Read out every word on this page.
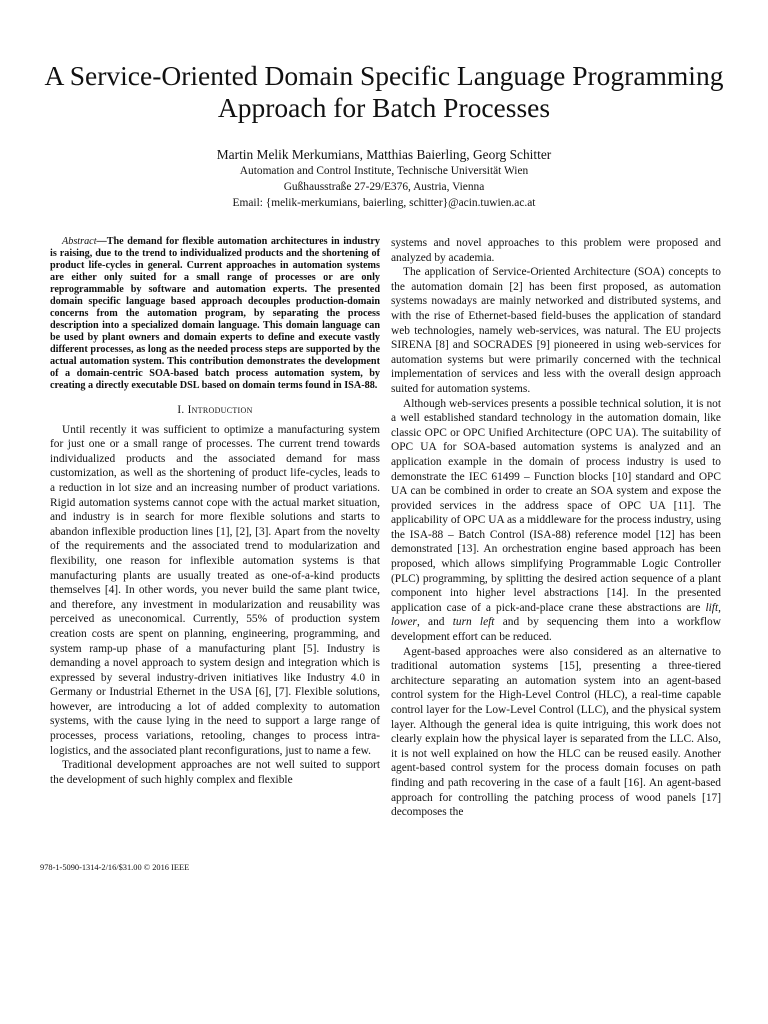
A Service-Oriented Domain Specific Language Programming Approach for Batch Processes
Martin Melik Merkumians, Matthias Baierling, Georg Schitter
Automation and Control Institute, Technische Universität Wien
Gußhausstraße 27-29/E376, Austria, Vienna
Email: {melik-merkumians, baierling, schitter}@acin.tuwien.ac.at

Abstract—The demand for flexible automation architectures in industry is raising, due to the trend to individualized products and the shortening of product life-cycles in general. Current approaches in automation systems are either only suited for a small range of processes or are only reprogrammable by software and automation experts. The presented domain specific language based approach decouples production-domain concerns from the automation program, by separating the process description into a specialized domain language. This domain language can be used by plant owners and domain experts to define and execute vastly different processes, as long as the needed process steps are supported by the actual automation system. This contribution demonstrates the development of a domain-centric SOA-based batch process automation system, by creating a directly executable DSL based on domain terms found in ISA-88.

I. Introduction

Until recently it was sufficient to optimize a manufacturing system for just one or a small range of processes. The current trend towards individualized products and the associated demand for mass customization, as well as the shortening of product life-cycles, leads to a reduction in lot size and an increasing number of product variations. Rigid automation systems cannot cope with the actual market situation, and industry is in search for more flexible solutions and starts to abandon inflexible production lines [1], [2], [3]. Apart from the novelty of the requirements and the associated trend to modularization and flexibility, one reason for inflexible automation systems is that manufacturing plants are usually treated as one-of-a-kind products themselves [4]. In other words, you never build the same plant twice, and therefore, any investment in modularization and reusability was perceived as uneconomical. Currently, 55% of production system creation costs are spent on planning, engineering, programming, and system ramp-up phase of a manufacturing plant [5]. Industry is demanding a novel approach to system design and integration which is expressed by several industry-driven initiatives like Industry 4.0 in Germany or Industrial Ethernet in the USA [6], [7]. Flexible solutions, however, are introducing a lot of added complexity to automation systems, with the cause lying in the need to support a large range of processes, process variations, retooling, changes to process intra-logistics, and the associated plant reconfigurations, just to name a few.

Traditional development approaches are not well suited to support the development of such highly complex and flexible

978-1-5090-1314-2/16/$31.00 © 2016 IEEE

systems and novel approaches to this problem were proposed and analyzed by academia.

The application of Service-Oriented Architecture (SOA) concepts to the automation domain [2] has been first proposed, as automation systems nowadays are mainly networked and distributed systems, and with the rise of Ethernet-based field-buses the application of standard web technologies, namely web-services, was natural. The EU projects SIRENA [8] and SOCRADES [9] pioneered in using web-services for automation systems but were primarily concerned with the technical implementation of services and less with the overall design approach suited for automation systems.

Although web-services presents a possible technical solution, it is not a well established standard technology in the automation domain, like classic OPC or OPC Unified Architecture (OPC UA). The suitability of OPC UA for SOA-based automation systems is analyzed and an application example in the domain of process industry is used to demonstrate the IEC 61499 – Function blocks [10] standard and OPC UA can be combined in order to create an SOA system and expose the provided services in the address space of OPC UA [11]. The applicability of OPC UA as a middleware for the process industry, using the ISA-88 – Batch Control (ISA-88) reference model [12] has been demonstrated [13]. An orchestration engine based approach has been proposed, which allows simplifying Programmable Logic Controller (PLC) programming, by splitting the desired action sequence of a plant component into higher level abstractions [14]. In the presented application case of a pick-and-place crane these abstractions are lift, lower, and turn left and by sequencing them into a workflow development effort can be reduced.

Agent-based approaches were also considered as an alternative to traditional automation systems [15], presenting a three-tiered architecture separating an automation system into an agent-based control system for the High-Level Control (HLC), a real-time capable control layer for the Low-Level Control (LLC), and the physical system layer. Although the general idea is quite intriguing, this work does not clearly explain how the physical layer is separated from the LLC. Also, it is not well explained on how the HLC can be reused easily. Another agent-based control system for the process domain focuses on path finding and path recovering in the case of a fault [16]. An agent-based approach for controlling the patching process of wood panels [17] decomposes the
